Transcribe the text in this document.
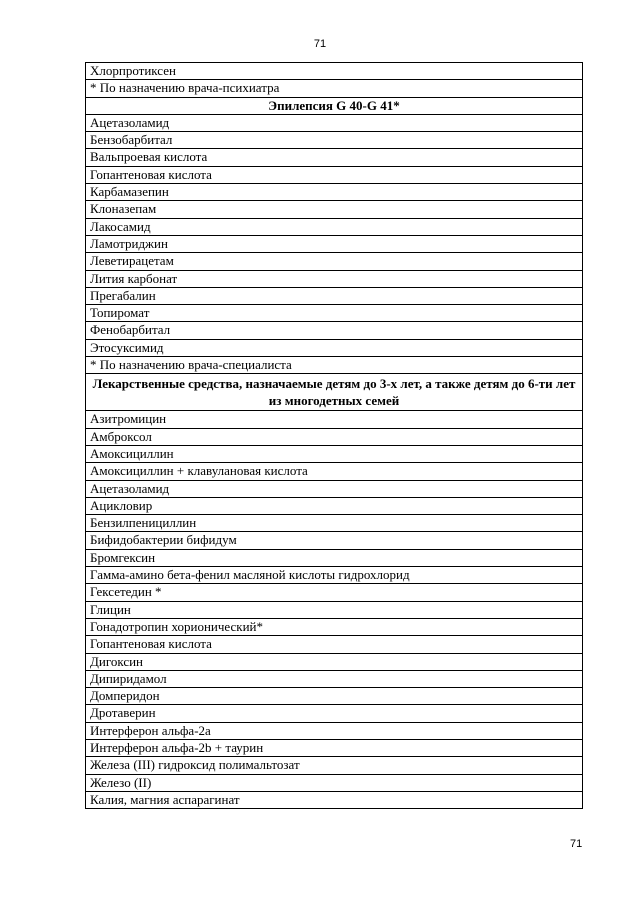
71
Хлорпротиксен
* По назначению врача-психиатра
Эпилепсия G 40-G 41*
Ацетазоламид
Бензобарбитал
Вальпроевая кислота
Гопантеновая кислота
Карбамазепин
Клоназепам
Лакосамид
Ламотриджин
Леветирацетам
Лития карбонат
Прегабалин
Топиромат
Фенобарбитал
Этосуксимид
* По назначению врача-специалиста
Лекарственные средства, назначаемые детям до 3-х лет, а также детям до 6-ти лет из многодетных семей
Азитромицин
Амброксол
Амоксициллин
Амоксициллин + клавулановая кислота
Ацетазоламид
Ацикловир
Бензилпенициллин
Бифидобактерии бифидум
Бромгексин
Гамма-амино бета-фенил масляной кислоты гидрохлорид
Гексетедин *
Глицин
Гонадотропин хорионический*
Гопантеновая кислота
Дигоксин
Дипиридамол
Домперидон
Дротаверин
Интерферон альфа-2а
Интерферон альфа-2b + таурин
Железа (III) гидроксид полимальтозат
Железо (II)
Калия, магния аспарагинат
71
